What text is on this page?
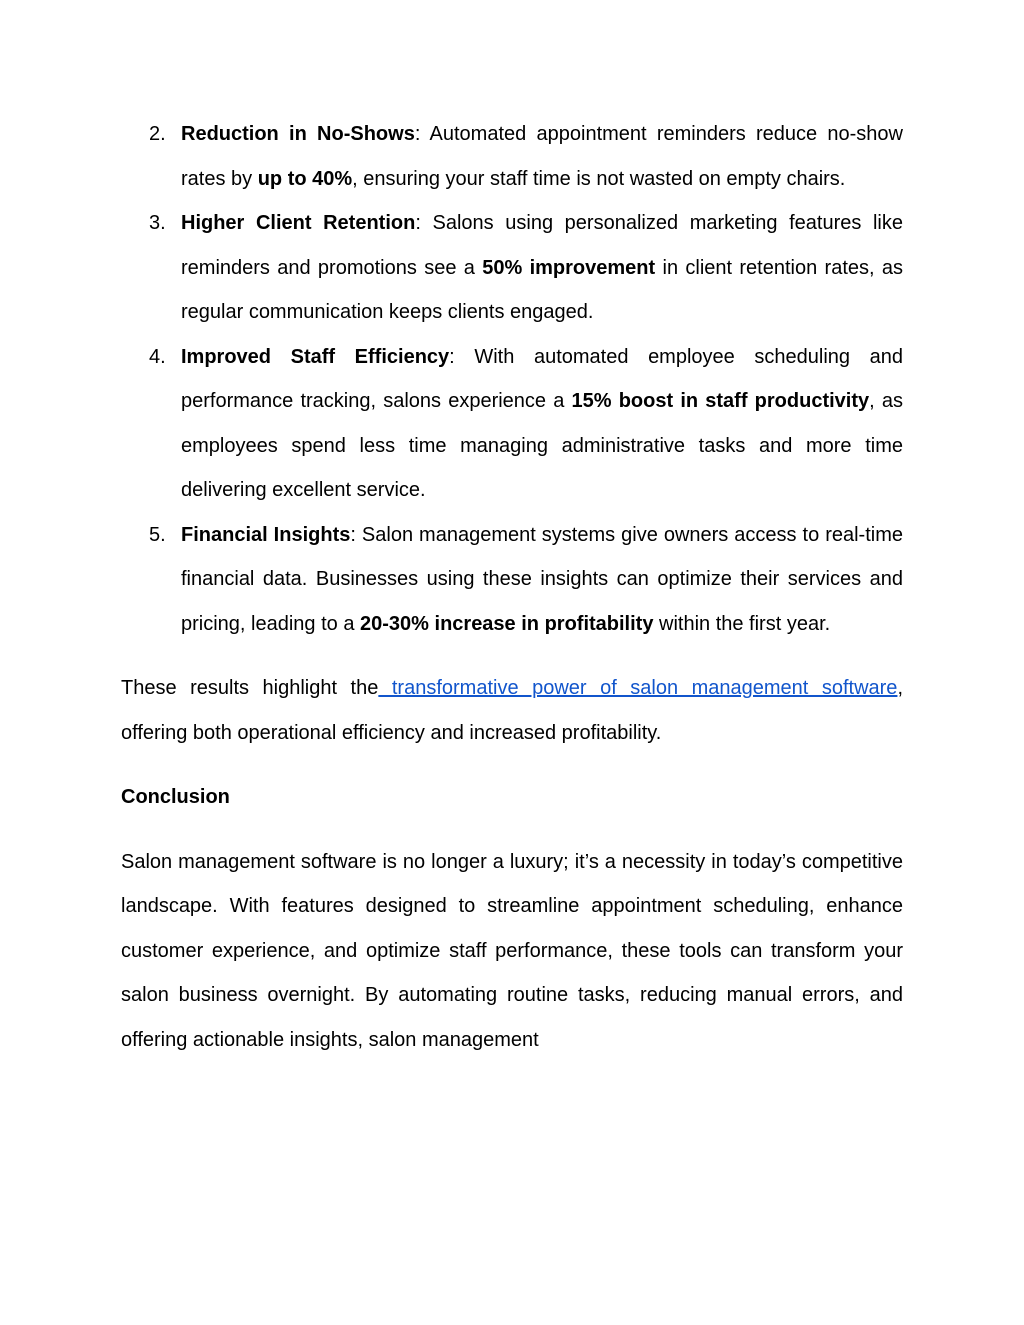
2. Reduction in No-Shows: Automated appointment reminders reduce no-show rates by up to 40%, ensuring your staff time is not wasted on empty chairs.
3. Higher Client Retention: Salons using personalized marketing features like reminders and promotions see a 50% improvement in client retention rates, as regular communication keeps clients engaged.
4. Improved Staff Efficiency: With automated employee scheduling and performance tracking, salons experience a 15% boost in staff productivity, as employees spend less time managing administrative tasks and more time delivering excellent service.
5. Financial Insights: Salon management systems give owners access to real-time financial data. Businesses using these insights can optimize their services and pricing, leading to a 20-30% increase in profitability within the first year.

These results highlight the transformative power of salon management software, offering both operational efficiency and increased profitability.

Conclusion

Salon management software is no longer a luxury; it’s a necessity in today’s competitive landscape. With features designed to streamline appointment scheduling, enhance customer experience, and optimize staff performance, these tools can transform your salon business overnight. By automating routine tasks, reducing manual errors, and offering actionable insights, salon management
